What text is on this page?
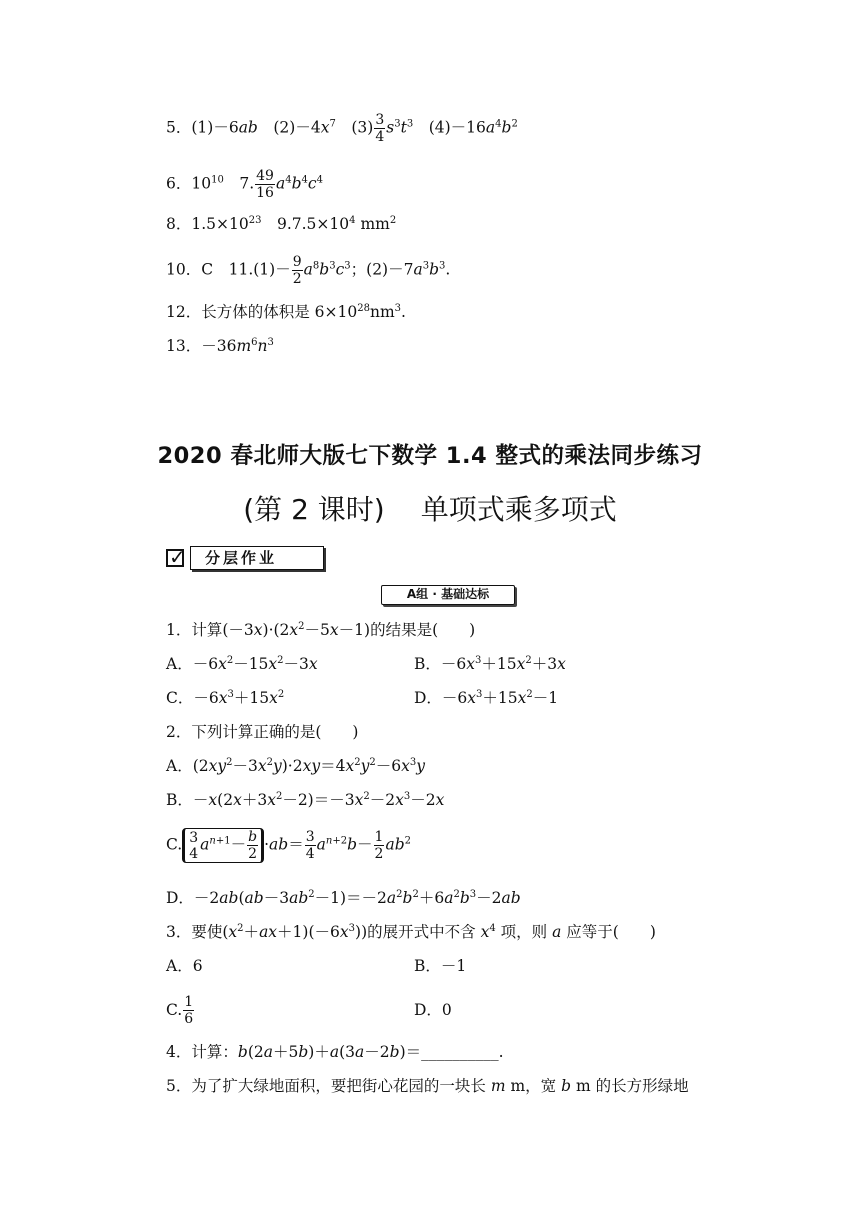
5．(1)－6ab　 $(2)-4x^7$　 $(3) \frac{3}{4} s^3t^3$　 $(4)-16a^4b^2$
6．$10^{10}$　 7. $\frac{49}{16} a^4b^4c^4$
8．$1.5\times 10^{23}$　 $9.7.5\times 10^4$ $mm^2$
10．C　 $11.(1)- \frac{9}{2} a^8b^3c^3$；$(2)-7a^3b^3$.
12．长方体的体积是 $6\times 10^{28}nm^3$.
13．$-36m^6n^3$
2020 春北师大版七下数学 1.4 整式的乘法同步练习
(第 2 课时) 单项式乘多项式
✓	分层作业
A组 · 基础达标
1．计算$(-3x)\cdot(2x^2-5x-1)$的结果是(　　)
A．$-6x^2-15x^2-3x$	B．$-6x^3+15x^2+3x$
C．$-6x^3+15x^2$	D．$-6x^3+15x^2-1$
2．下列计算正确的是(　　)
A．$(2xy^2-3x^2y)\cdot 2xy=4x^2y^2-6x^3y$
B．$-x(2x+3x^2-2)=-3x^2-2x^3-2x$
C. 3
4 $a^{n+1}- \frac{b}{2} \cdot ab= \frac{3}{4} a^{n+2}b- \frac{1}{2} ab^2$
D．$-2ab(ab-3ab^2-1)=-2a^2b^2+6a^2b^3-2ab$
3．要使$(x^2+ax+1)(-6x^3)$)的展开式中不含 $x^4$ 项，则 a 应等于(　　)
A．6	B．－1
C. $\frac{1}{6}$	D．0
4．计算：b(2a＋5b)＋a(3a－2b)＝__________.
5．为了扩大绿地面积，要把街心花园的一块长 m m，宽 b m 的长方形绿地
